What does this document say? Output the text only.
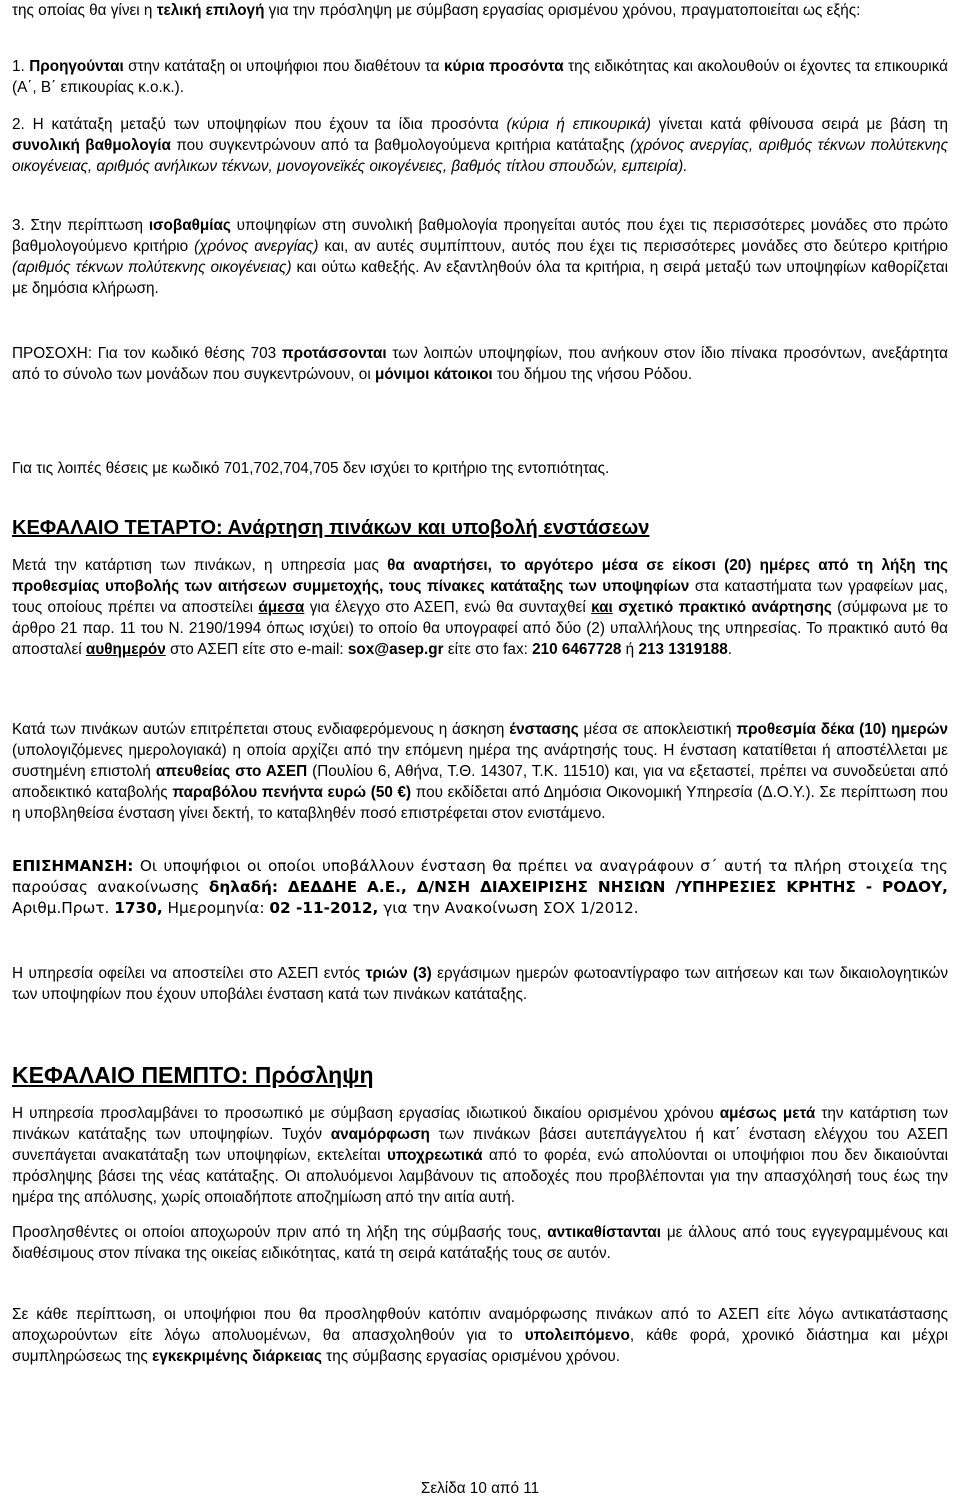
της οποίας θα γίνει η τελική επιλογή για την πρόσληψη με σύμβαση εργασίας ορισμένου χρόνου, πραγματοποιείται ως εξής:

1. Προηγούνται στην κατάταξη οι υποψήφιοι που διαθέτουν τα κύρια προσόντα της ειδικότητας και ακολουθούν οι έχοντες τα επικουρικά (Α΄, Β΄ επικουρίας κ.ο.κ.).

2. Η κατάταξη μεταξύ των υποψηφίων που έχουν τα ίδια προσόντα (κύρια ή επικουρικά) γίνεται κατά φθίνουσα σειρά με βάση τη συνολική βαθμολογία που συγκεντρώνουν από τα βαθμολογούμενα κριτήρια κατάταξης (χρόνος ανεργίας, αριθμός τέκνων πολύτεκνης οικογένειας, αριθμός ανήλικων τέκνων, μονογονεϊκές οικογένειες, βαθμός τίτλου σπουδών, εμπειρία).

3. Στην περίπτωση ισοβαθμίας υποψηφίων στη συνολική βαθμολογία προηγείται αυτός που έχει τις περισσότερες μονάδες στο πρώτο βαθμολογούμενο κριτήριο (χρόνος ανεργίας) και, αν αυτές συμπίπτουν, αυτός που έχει τις περισσότερες μονάδες στο δεύτερο κριτήριο (αριθμός τέκνων πολύτεκνης οικογένειας) και ούτω καθεξής. Αν εξαντληθούν όλα τα κριτήρια, η σειρά μεταξύ των υποψηφίων καθορίζεται με δημόσια κλήρωση.

ΠΡΟΣΟΧΗ: Για τον κωδικό θέσης 703 προτάσσονται των λοιπών υποψηφίων, που ανήκουν στον ίδιο πίνακα προσόντων, ανεξάρτητα από το σύνολο των μονάδων που συγκεντρώνουν, οι μόνιμοι κάτοικοι του δήμου της νήσου Ρόδου.

Για τις λοιπές θέσεις με κωδικό 701,702,704,705 δεν ισχύει το κριτήριο της εντοπιότητας.

ΚΕΦΑΛΑΙΟ ΤΕΤΑΡΤΟ: Ανάρτηση πινάκων και υποβολή ενστάσεων

Μετά την κατάρτιση των πινάκων, η υπηρεσία μας θα αναρτήσει, το αργότερο μέσα σε είκοσι (20) ημέρες από τη λήξη της προθεσμίας υποβολής των αιτήσεων συμμετοχής, τους πίνακες κατάταξης των υποψηφίων στα καταστήματα των γραφείων μας, τους οποίους πρέπει να αποστείλει άμεσα για έλεγχο στο ΑΣΕΠ, ενώ θα συνταχθεί και σχετικό πρακτικό ανάρτησης (σύμφωνα με το άρθρο 21 παρ. 11 του Ν. 2190/1994 όπως ισχύει) το οποίο θα υπογραφεί από δύο (2) υπαλλήλους της υπηρεσίας. Το πρακτικό αυτό θα αποσταλεί αυθημερόν στο ΑΣΕΠ είτε στο e-mail: sox@asep.gr είτε στο fax: 210 6467728 ή 213 1319188.

Κατά των πινάκων αυτών επιτρέπεται στους ενδιαφερόμενους η άσκηση ένστασης μέσα σε αποκλειστική προθεσμία δέκα (10) ημερών (υπολογιζόμενες ημερολογιακά) η οποία αρχίζει από την επόμενη ημέρα της ανάρτησής τους. Η ένσταση κατατίθεται ή αποστέλλεται με συστημένη επιστολή απευθείας στο ΑΣΕΠ (Πουλίου 6, Αθήνα, Τ.Θ. 14307, Τ.Κ. 11510) και, για να εξεταστεί, πρέπει να συνοδεύεται από αποδεικτικό καταβολής παραβόλου πενήντα ευρώ (50 €) που εκδίδεται από Δημόσια Οικονομική Υπηρεσία (Δ.Ο.Υ.). Σε περίπτωση που η υποβληθείσα ένσταση γίνει δεκτή, το καταβληθέν ποσό επιστρέφεται στον ενιστάμενο.

ΕΠΙΣΗΜΑΝΣΗ: Οι υποψήφιοι οι οποίοι υποβάλλουν ένσταση θα πρέπει να αναγράφουν σ΄ αυτή τα πλήρη στοιχεία της παρούσας ανακοίνωσης δηλαδή: ΔΕΔΔΗΕ Α.Ε., Δ/ΝΣΗ ΔΙΑΧΕΙΡΙΣΗΣ ΝΗΣΙΩΝ /ΥΠΗΡΕΣΙΕΣ ΚΡΗΤΗΣ - ΡΟΔΟΥ, Αριθμ.Πρωτ. 1730, Ημερομηνία: 02 -11-2012, για την Ανακοίνωση ΣΟΧ 1/2012.

Η υπηρεσία οφείλει να αποστείλει στο ΑΣΕΠ εντός τριών (3) εργάσιμων ημερών φωτοαντίγραφο των αιτήσεων και των δικαιολογητικών των υποψηφίων που έχουν υποβάλει ένσταση κατά των πινάκων κατάταξης.

ΚΕΦΑΛΑΙΟ ΠΕΜΠΤΟ: Πρόσληψη

Η υπηρεσία προσλαμβάνει το προσωπικό με σύμβαση εργασίας ιδιωτικού δικαίου ορισμένου χρόνου αμέσως μετά την κατάρτιση των πινάκων κατάταξης των υποψηφίων. Τυχόν αναμόρφωση των πινάκων βάσει αυτεπάγγελτου ή κατ΄ ένσταση ελέγχου του ΑΣΕΠ συνεπάγεται ανακατάταξη των υποψηφίων, εκτελείται υποχρεωτικά από το φορέα, ενώ απολύονται οι υποψήφιοι που δεν δικαιούνται πρόσληψης βάσει της νέας κατάταξης. Οι απολυόμενοι λαμβάνουν τις αποδοχές που προβλέπονται για την απασχόλησή τους έως την ημέρα της απόλυσης, χωρίς οποιαδήποτε αποζημίωση από την αιτία αυτή.

Προσλησθέντες οι οποίοι αποχωρούν πριν από τη λήξη της σύμβασής τους, αντικαθίστανται με άλλους από τους εγγεγραμμένους και διαθέσιμους στον πίνακα της οικείας ειδικότητας, κατά τη σειρά κατάταξής τους σε αυτόν.

Σε κάθε περίπτωση, οι υποψήφιοι που θα προσληφθούν κατόπιν αναμόρφωσης πινάκων από το ΑΣΕΠ είτε λόγω αντικατάστασης αποχωρούντων είτε λόγω απολυομένων, θα απασχοληθούν για το υπολειπόμενο, κάθε φορά, χρονικό διάστημα και μέχρι συμπληρώσεως της εγκεκριμένης διάρκειας της σύμβασης εργασίας ορισμένου χρόνου.

Σελίδα 10 από 11
